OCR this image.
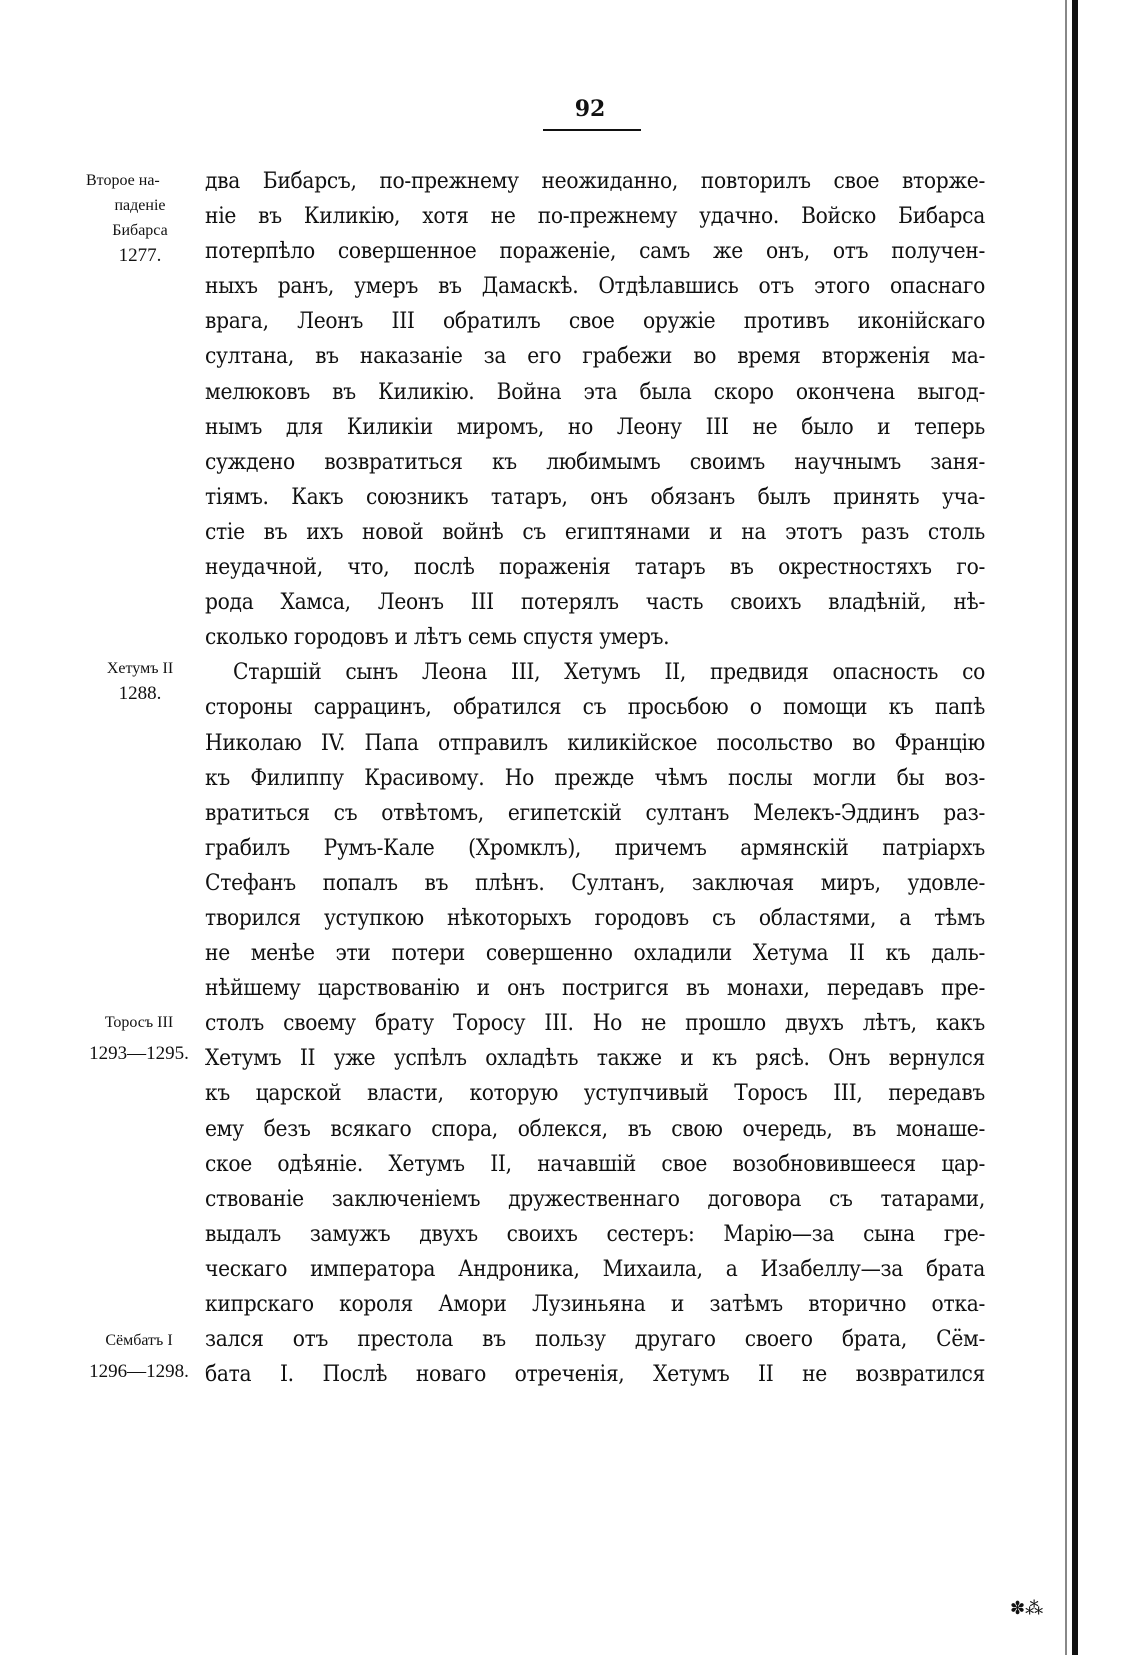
92
Второе на-
паденіе
Бибарса
1277.
Хетумъ II
1288.
Торосъ III
1293—1295.
Сёмбатъ I
1296—1298.
два Бибарсъ, по-прежнему неожиданно, повторилъ свое вторже-
ніе въ Киликію, хотя не по-прежнему удачно. Войско Бибарса
потерпѣло совершенное пораженіе, самъ же онъ, отъ получен-
ныхъ ранъ, умеръ въ Дамаскѣ. Отдѣлавшись отъ этого опаснаго
врага, Леонъ III обратилъ свое оружіе противъ иконійскаго
султана, въ наказаніе за его грабежи во время вторженія ма-
мелюковъ въ Киликію. Война эта была скоро окончена выгод-
нымъ для Киликіи миромъ, но Леону III не было и теперь
суждено возвратиться къ любимымъ своимъ научнымъ заня-
тіямъ. Какъ союзникъ татаръ, онъ обязанъ былъ принять уча-
стіе въ ихъ новой войнѣ съ египтянами и на этотъ разъ столь
неудачной, что, послѣ пораженія татаръ въ окрестностяхъ го-
рода Хамса, Леонъ III потерялъ часть своихъ владѣній, нѣ-
сколько городовъ и лѣтъ семь спустя умеръ.
Старшій сынъ Леона III, Хетумъ II, предвидя опасность со
стороны саррацинъ, обратился съ просьбою о помощи къ папѣ
Николаю IV. Папа отправилъ киликійское посольство во Францію
къ Филиппу Красивому. Но прежде чѣмъ послы могли бы воз-
вратиться съ отвѣтомъ, египетскій султанъ Мелекъ-Эддинъ раз-
грабилъ Румъ-Кале (Хромклъ), причемъ армянскій патріархъ
Стефанъ попалъ въ плѣнъ. Султанъ, заключая миръ, удовле-
творился уступкою нѣкоторыхъ городовъ съ областями, а тѣмъ
не менѣе эти потери совершенно охладили Хетума II къ даль-
нѣйшему царствованію и онъ постригся въ монахи, передавъ пре-
столъ своему брату Торосу III. Но не прошло двухъ лѣтъ, какъ
Хетумъ II уже успѣлъ охладѣть также и къ рясѣ. Онъ вернулся
къ царской власти, которую уступчивый Торосъ III, передавъ
ему безъ всякаго спора, облекся, въ свою очередь, въ монаше-
ское одѣяніе. Хетумъ II, начавшій свое возобновившееся цар-
ствованіе заключеніемъ дружественнаго договора съ татарами,
выдалъ замужъ двухъ своихъ сестеръ: Марію—за сына гре-
ческаго императора Андроника, Михаила, а Изабеллу—за брата
кипрскаго короля Амори Лузиньяна и затѣмъ вторично отка-
зался отъ престола въ пользу другаго своего брата, Сём-
бата I. Послѣ новаго отреченія, Хетумъ II не возвратился
✽⁂
